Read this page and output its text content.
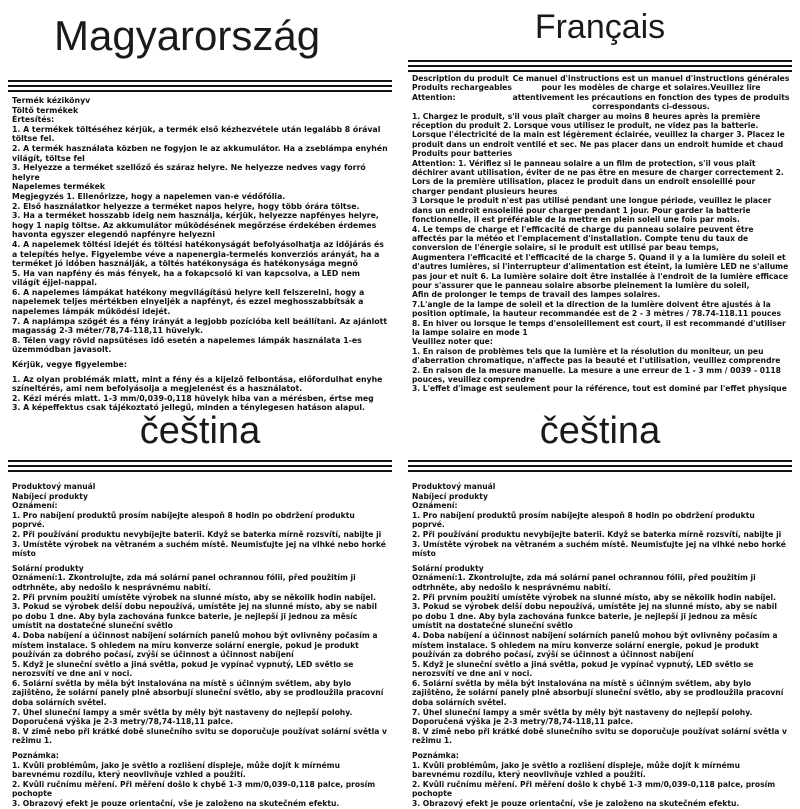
Magyarország

Termék kézikönyv

Töltő termékek

Értesítés:

1. A termékek töltéséhez kérjük, a termék első kézhezvétele után legalább 8 órával töltse fel.

2. A termék használata közben ne fogyjon le az akkumulátor. Ha a zseblámpa enyhén világít, töltse fel

3. Helyezze a terméket szellőző és száraz helyre. Ne helyezze nedves vagy forró helyre

Napelemes termékek

Megjegyzés 1. Ellenőrizze, hogy a napelemen van-e védőfólia.

2. Első használatkor helyezze a terméket napos helyre, hogy több órára töltse.

3. Ha a terméket hosszabb ideig nem használja, kérjük, helyezze napfényes helyre, hogy 1 napig töltse. Az akkumulátor működésének megőrzése érdekében érdemes havonta egyszer elegendő napfényre helyezni

4. A napelemek töltési idejét és töltési hatékonyságát befolyásolhatja az időjárás és a telepítés helye. Figyelembe véve a napenergia-termelés konverziós arányát, ha a terméket jó időben használják, a töltés hatékonysága és hatékonysága megnő

5. Ha van napfény és más fények, ha a fokapcsoló ki van kapcsolva, a LED nem világít éjjel-nappal.

6. A napelemes lámpákat hatékony megvilágítású helyre kell felszerelni, hogy a napelemek teljes mértékben elnyeljék a napfényt, és ezzel meghosszabbítsák a napelemes lámpák működési idejét.

7. A naplámpa szögét és a fény irányát a legjobb pozícióba kell beállítani. Az ajánlott magasság 2-3 méter/78,74-118,11 hüvelyk.

8. Télen vagy rövid napsütéses idő esetén a napelemes lámpák használata 1-es üzemmódban javasolt.

Kérjük, vegye figyelembe:

1. Az olyan problémák miatt, mint a fény és a kijelző felbontása, előfordulhat enyhe színeltérés, ami nem befolyásolja a megjelenést és a használatot.

2. Kézi mérés miatt. 1-3 mm/0,039-0,118 hüvelyk hiba van a mérésben, értse meg

3. A képeffektus csak tájékoztató jellegű, minden a ténylegesen hatáson alapul.

Français

Description du produit

Produits rechargeables

Attention:

Ce manuel d'instructions est un manuel d'instructions générales pour les modèles de charge et solaires.Veuillez lire attentivement les précautions en fonction des types de produits correspondants ci-dessous.

1. Chargez le produit, s'il vous plaît charger au moins 8 heures après la première réception du produit 2. Lorsque vous utilisez le produit, ne videz pas la batterie.

Lorsque l'électricité de la main est légèrement éclairée, veuillez la charger 3. Placez le produit dans un endroit ventilé et sec. Ne pas placer dans un endroit humide et chaud

Produits pour batteries

Attention: 1. Vérifiez si le panneau solaire a un film de protection, s'il vous plaît déchirer avant utilisation, éviter de ne pas être en mesure de charger correctement 2. Lors de la première utilisation, placez le produit dans un endroit ensoleillé pour charger pendant plusieurs heures

3 Lorsque le produit n'est pas utilisé pendant une longue période, veuillez le placer dans un endroit ensoleillé pour charger pendant 1 jour. Pour garder la batterie fonctionnelle, il est préférable de la mettre en plein soleil une fois par mois.

4. Le temps de charge et l'efficacité de charge du panneau solaire peuvent être affectés par la météo et l'emplacement d'installation. Compte tenu du taux de conversion de l'énergie solaire, si le produit est utilisé par beau temps,

Augmentera l'efficacité et l'efficacité de la charge 5. Quand il y a la lumière du soleil et d'autres lumières, si l'interrupteur d'alimentation est éteint, la lumière LED ne s'allume pas jour et nuit 6. La lumière solaire doit être installée à l'endroit de la lumière efficace pour s'assurer que le panneau solaire absorbe pleinement la lumière du soleil,

Afin de prolonger le temps de travail des lampes solaires.

7.L'angle de la lampe de soleil et la direction de la lumière doivent être ajustés à la position optimale, la hauteur recommandée est de 2 - 3 mètres / 78.74-118.11 pouces

8. En hiver ou lorsque le temps d'ensoleillement est court, il est recommandé d'utiliser la lampe solaire en mode 1

Veuillez noter que:

1. En raison de problèmes tels que la lumière et la résolution du moniteur, un peu d'aberration chromatique, n'affecte pas la beauté et l'utilisation, veuillez comprendre

2. En raison de la mesure manuelle. La mesure a une erreur de 1 - 3 mm / 0039 - 0118 pouces, veuillez comprendre

3. L'effet d'image est seulement pour la référence, tout est dominé par l'effet physique

čeština

Produktový manuál

Nabíjecí produkty

Oznámení:

1. Pro nabíjení produktů prosím nabíjejte alespoň 8 hodin po obdržení produktu poprvé.

2. Při používání produktu nevybíjejte baterii. Když se baterka mírně rozsvítí, nabijte ji

3. Umístěte výrobek na větraném a suchém místě. Neumisťujte jej na vlhké nebo horké místo

Solární produkty

Oznámení:1. Zkontrolujte, zda má solární panel ochrannou fólii, před použitím ji odtrhněte, aby nedošlo k nesprávnému nabití.

2. Při prvním použití umístěte výrobek na slunné místo, aby se několik hodin nabíjel.

3. Pokud se výrobek delší dobu nepoužívá, umístěte jej na slunné místo, aby se nabil po dobu 1 dne. Aby byla zachována funkce baterie, je nejlepší ji jednou za měsíc umístit na dostatečné sluneční světlo

4. Doba nabíjení a účinnost nabíjení solárních panelů mohou být ovlivněny počasím a místem instalace. S ohledem na míru konverze solární energie, pokud je produkt používán za dobrého počasí, zvýší se účinnost a účinnost nabíjení

5. Když je sluneční světlo a jiná světla, pokud je vypínač vypnutý, LED světlo se nerozsvítí ve dne ani v noci.

6. Solární světla by měla být instalována na místě s účinným světlem, aby bylo zajištěno, že solární panely plně absorbují sluneční světlo, aby se prodloužila pracovní doba solárních světel.

7. Úhel sluneční lampy a směr světla by měly být nastaveny do nejlepší polohy. Doporučená výška je 2-3 metry/78,74-118,11 palce.

8. V zimě nebo při krátké době slunečního svitu se doporučuje používat solární světla v režimu 1.

Poznámka:

1. Kvůli problémům, jako je světlo a rozlišení displeje, může dojít k mírnému barevnému rozdílu, který neovlivňuje vzhled a použití.

2. Kvůli ručnímu měření. Při měření došlo k chybě 1-3 mm/0,039-0,118 palce, prosím pochopte

3. Obrazový efekt je pouze orientační, vše je založeno na skutečném efektu.

čeština

Produktový manuál

Nabíjecí produkty

Oznámení:

1. Pro nabíjení produktů prosím nabíjejte alespoň 8 hodin po obdržení produktu poprvé.

2. Při používání produktu nevybíjejte baterii. Když se baterka mírně rozsvítí, nabijte ji

3. Umístěte výrobek na větraném a suchém místě. Neumisťujte jej na vlhké nebo horké místo

Solární produkty

Oznámení:1. Zkontrolujte, zda má solární panel ochrannou fólii, před použitím ji odtrhněte, aby nedošlo k nesprávnému nabití.

2. Při prvním použití umístěte výrobek na slunné místo, aby se několik hodin nabíjel.

3. Pokud se výrobek delší dobu nepoužívá, umístěte jej na slunné místo, aby se nabil po dobu 1 dne. Aby byla zachována funkce baterie, je nejlepší ji jednou za měsíc umístit na dostatečné sluneční světlo

4. Doba nabíjení a účinnost nabíjení solárních panelů mohou být ovlivněny počasím a místem instalace. S ohledem na míru konverze solární energie, pokud je produkt používán za dobrého počasí, zvýší se účinnost a účinnost nabíjení

5. Když je sluneční světlo a jiná světla, pokud je vypínač vypnutý, LED světlo se nerozsvítí ve dne ani v noci.

6. Solární světla by měla být instalována na místě s účinným světlem, aby bylo zajištěno, že solární panely plně absorbují sluneční světlo, aby se prodloužila pracovní doba solárních světel.

7. Úhel sluneční lampy a směr světla by měly být nastaveny do nejlepší polohy. Doporučená výška je 2-3 metry/78,74-118,11 palce.

8. V zimě nebo při krátké době slunečního svitu se doporučuje používat solární světla v režimu 1.

Poznámka:

1. Kvůli problémům, jako je světlo a rozlišení displeje, může dojít k mírnému barevnému rozdílu, který neovlivňuje vzhled a použití.

2. Kvůli ručnímu měření. Při měření došlo k chybě 1-3 mm/0,039-0,118 palce, prosím pochopte

3. Obrazový efekt je pouze orientační, vše je založeno na skutečném efektu.
